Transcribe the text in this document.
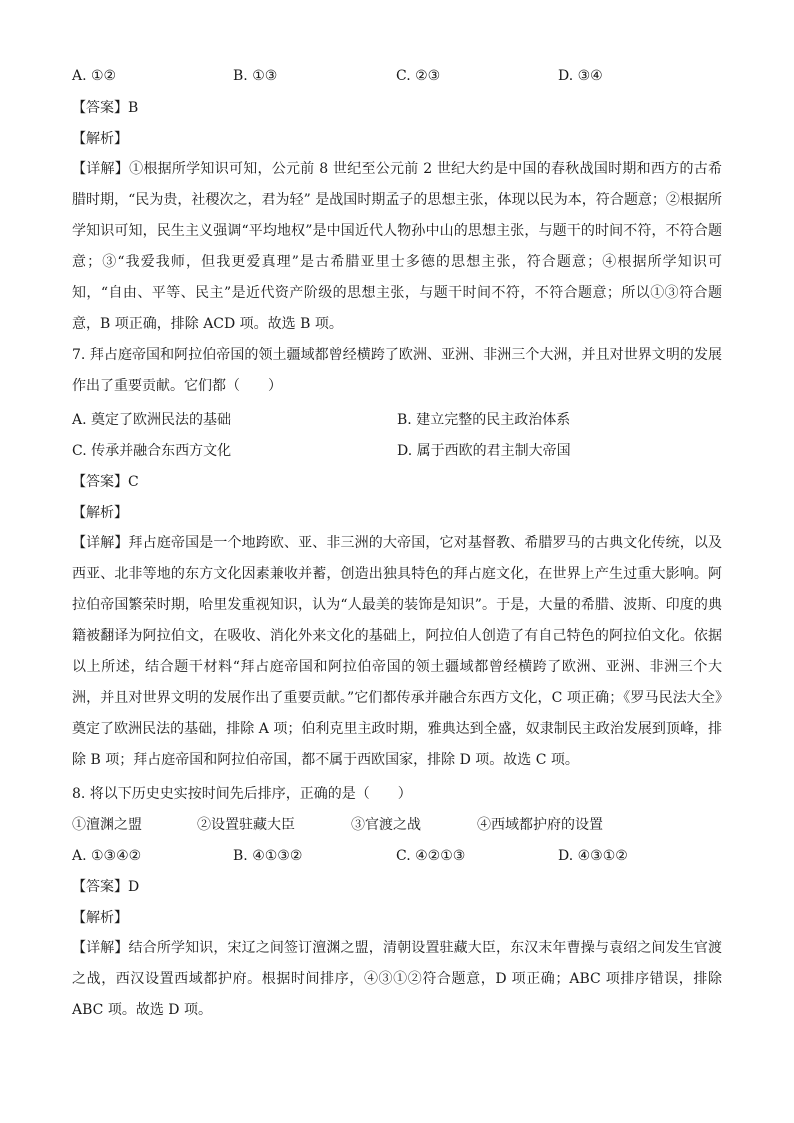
A. ①②	B. ①③	C. ②③	D. ③④
【答案】B
【解析】

【详解】①根据所学知识可知，公元前 8 世纪至公元前 2 世纪大约是中国的春秋战国时期和西方的古希腊时期，“民为贵，社稷次之，君为轻” 是战国时期孟子的思想主张，体现以民为本，符合题意；②根据所学知识可知，民生主义强调“平均地权”是中国近代人物孙中山的思想主张，与题干的时间不符，不符合题意；③“我爱我师，但我更爱真理”是古希腊亚里士多德的思想主张，符合题意；④根据所学知识可知，“自由、平等、民主”是近代资产阶级的思想主张，与题干时间不符，不符合题意；所以①③符合题意，B 项正确，排除 ACD 项。故选 B 项。

7. 拜占庭帝国和阿拉伯帝国的领土疆域都曾经横跨了欧洲、亚洲、非洲三个大洲，并且对世界文明的发展作出了重要贡献。它们都（　　）

A. 奠定了欧洲民法的基础	B. 建立完整的民主政治体系
C. 传承并融合东西方文化	D. 属于西欧的君主制大帝国
【答案】C
【解析】

【详解】拜占庭帝国是一个地跨欧、亚、非三洲的大帝国，它对基督教、希腊罗马的古典文化传统，以及西亚、北非等地的东方文化因素兼收并蓄，创造出独具特色的拜占庭文化，在世界上产生过重大影响。阿拉伯帝国繁荣时期，哈里发重视知识，认为“人最美的装饰是知识”。于是，大量的希腊、波斯、印度的典籍被翻译为阿拉伯文，在吸收、消化外来文化的基础上，阿拉伯人创造了有自己特色的阿拉伯文化。依据以上所述，结合题干材料“拜占庭帝国和阿拉伯帝国的领土疆域都曾经横跨了欧洲、亚洲、非洲三个大洲，并且对世界文明的发展作出了重要贡献。”它们都传承并融合东西方文化，C 项正确；《罗马民法大全》奠定了欧洲民法的基础，排除 A 项；伯利克里主政时期，雅典达到全盛，奴隶制民主政治发展到顶峰，排除 B 项；拜占庭帝国和阿拉伯帝国，都不属于西欧国家，排除 D 项。故选 C 项。

8. 将以下历史史实按时间先后排序，正确的是（　　）
①澶渊之盟	②设置驻藏大臣	③官渡之战	④西域都护府的设置
A. ①③④②	B. ④①③②	C. ④②①③	D. ④③①②
【答案】D
【解析】

【详解】结合所学知识，宋辽之间签订澶渊之盟，清朝设置驻藏大臣，东汉末年曹操与袁绍之间发生官渡之战，西汉设置西域都护府。根据时间排序，④③①②符合题意，D 项正确；ABC 项排序错误，排除 ABC 项。故选 D 项。
